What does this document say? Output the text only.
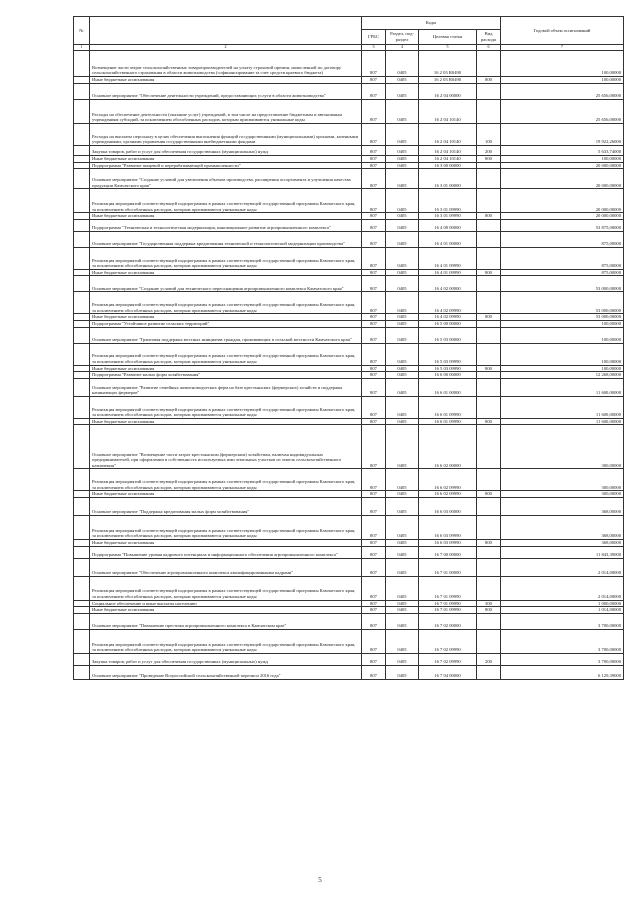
№		Коды				Годовой объем ассигнований
		ГРБС	Раздел, под-раздел	Целевая статья	Вид расхода	
1	2	3	4	5	6	7
	Возмещение части затрат сельскохозяйственных товаропроизводителей на уплату страховой премии, начисленной по договору сельскохозяйственного страхования в области животноводства (софинансирование за счет средств краевого бюджета)	807	0405	16 2 03 R0490		100,00000
	Иные бюджетные ассигнования	807	0405	16 2 03 R0490	800	100,00000
	Основное мероприятие "Обеспечение деятельности учреждений, предоставляющих услуги в области животноводства"	807	0405	16 2 04 00000		25 656,00000
	Расходы на обеспечение деятельности (оказание услуг) учреждений, в том числе на предоставление бюджетным и автономным учреждениям субсидий, за исключением обособленных расходов, которым присваиваются уникальные коды	807	0405	16 2 04 10140		25 656,00000
	Расходы на выплаты персоналу в целях обеспечения выполнения функций государственными (муниципальными) органами, казенными учреждениями, органами управления государственными внебюджетными фондами	807	0405	16 2 04 10140	100	19 922,26000
	Закупка товаров, работ и услуг для обеспечения государственных (муниципальных) нужд	807	0405	16 2 04 10140	200	5 633,74000
	Иные бюджетные ассигнования	807	0405	16 2 04 10140	800	100,00000
	Подпрограмма "Развитие пищевой и перерабатывающей промышленности"	807	0405	16 3 00 00000		20 000,00000
	Основное мероприятие "Создание условий для увеличения объемов производства, расширения ассортимента и улучшения качества продукции Камчатского края"	807	0405	16 3 01 00000		20 000,00000
	Реализация мероприятий соответствующей подпрограммы в рамках соответствующей государственной программы Камчатского края, за исключением обособленных расходов, которым присваиваются уникальные коды	807	0405	16 3 01 09990		20 000,00000
	Иные бюджетные ассигнования	807	0405	16 3 01 09990	800	20 000,00000
	Подпрограмма "Техническая и технологическая модернизация, инновационное развитие агропромышленного комплекса"	807	0405	16 4 00 00000		53 875,00000
	Основное мероприятие "Государственная поддержка кредитования технической и технологической модернизации производства"	807	0405	16 4 01 00000		875,00000
	Реализация мероприятий соответствующей подпрограммы в рамках соответствующей государственной программы Камчатского края, за исключением обособленных расходов, которым присваиваются уникальные коды	807	0405	16 4 01 09990		875,00000
	Иные бюджетные ассигнования	807	0405	16 4 01 09990	800	875,00000
	Основное мероприятие "Создание условий для технического переоснащения агропромышленного комплекса Камчатского края"	807	0405	16 4 02 00000		53 000,00000
	Реализация мероприятий соответствующей подпрограммы в рамках соответствующей государственной программы Камчатского края, за исключением обособленных расходов, которым присваиваются уникальные коды	807	0405	16 4 02 09990		53 000,00000
	Иные бюджетные ассигнования	807	0405	16 4 02 09990	800	53 000,00000
	Подпрограмма "Устойчивое развитие сельских территорий"	807	0405	16 5 00 00000		100,00000
	Основное мероприятие "Грантовая поддержка местных инициатив граждан, проживающих в сельской местности Камчатского края"	807	0405	16 5 03 00000		100,00000
	Реализация мероприятий соответствующей подпрограммы в рамках соответствующей государственной программы Камчатского края, за исключением обособленных расходов, которым присваиваются уникальные коды	807	0405	16 5 03 09990		100,00000
	Иные бюджетные ассигнования	807	0405	16 5 03 09990	800	100,00000
	Подпрограмма "Развитие малых форм хозяйствования"	807	0405	16 6 00 00000		12 268,00000
	Основное мероприятие "Развитие семейных животноводческих ферм на базе крестьянских (фермерских) хозяйств и поддержка начинающих фермеров"	807	0405	16 6 01 00000		11 600,00000
	Реализация мероприятий соответствующей подпрограммы в рамках соответствующей государственной программы Камчатского края, за исключением обособленных расходов, которым присваиваются уникальные коды	807	0405	16 6 01 09990		11 600,00000
	Иные бюджетные ассигнования	807	0405	16 6 01 09990	800	11 600,00000
	Основное мероприятие "Возмещение части затрат крестьянским (фермерским) хозяйствам, включая индивидуальных предпринимателей, при оформлении в собственность используемых ими земельных участков из земель сельскохозяйственного назначения"	807	0405	16 6 02 00000		300,00000
	Реализация мероприятий соответствующей подпрограммы в рамках соответствующей государственной программы Камчатского края, за исключением обособленных расходов, которым присваиваются уникальные коды	807	0405	16 6 02 09990		300,00000
	Иные бюджетные ассигнования	807	0405	16 6 02 09990	800	300,00000
	Основное мероприятие "Поддержка кредитования малых форм хозяйствования"	807	0405	16 6 03 00000		368,00000
	Реализация мероприятий соответствующей подпрограммы в рамках соответствующей государственной программы Камчатского края, за исключением обособленных расходов, которым присваиваются уникальные коды	807	0405	16 6 03 09990		368,00000
	Иные бюджетные ассигнования	807	0405	16 6 03 09990	800	368,00000
	Подпрограмма "Повышение уровня кадрового потенциала и информационного обеспечения агропромышленного комплекса"	807	0405	16 7 00 00000		11 843,39000
	Основное мероприятие "Обеспечение агропромышленного комплекса квалифицированными кадрами"	807	0405	16 7 01 00000		2 014,00000
	Реализация мероприятий соответствующей подпрограммы в рамках соответствующей государственной программы Камчатского края, за исключением обособленных расходов, которым присваиваются уникальные коды	807	0405	16 7 01 09990		2 014,00000
	Социальное обеспечение и иные выплаты населению	807	0405	16 7 01 09990	300	1 000,00000
	Иные бюджетные ассигнования	807	0405	16 7 01 09990	800	1 014,00000
	Основное мероприятие "Повышение престижа агропромышленного комплекса в Камчатском крае"	807	0405	16 7 02 00000		3 700,00000
	Реализация мероприятий соответствующей подпрограммы в рамках соответствующей государственной программы Камчатского края, за исключением обособленных расходов, которым присваиваются уникальные коды	807	0405	16 7 02 09990		3 700,00000
	Закупка товаров, работ и услуг для обеспечения государственных (муниципальных) нужд	807	0405	16 7 02 09990	200	3 700,00000
	Основное мероприятие "Проведение Всероссийской сельскохозяйственной переписи 2016 года"	807	0405	16 7 04 00000		6 129,39000
5
